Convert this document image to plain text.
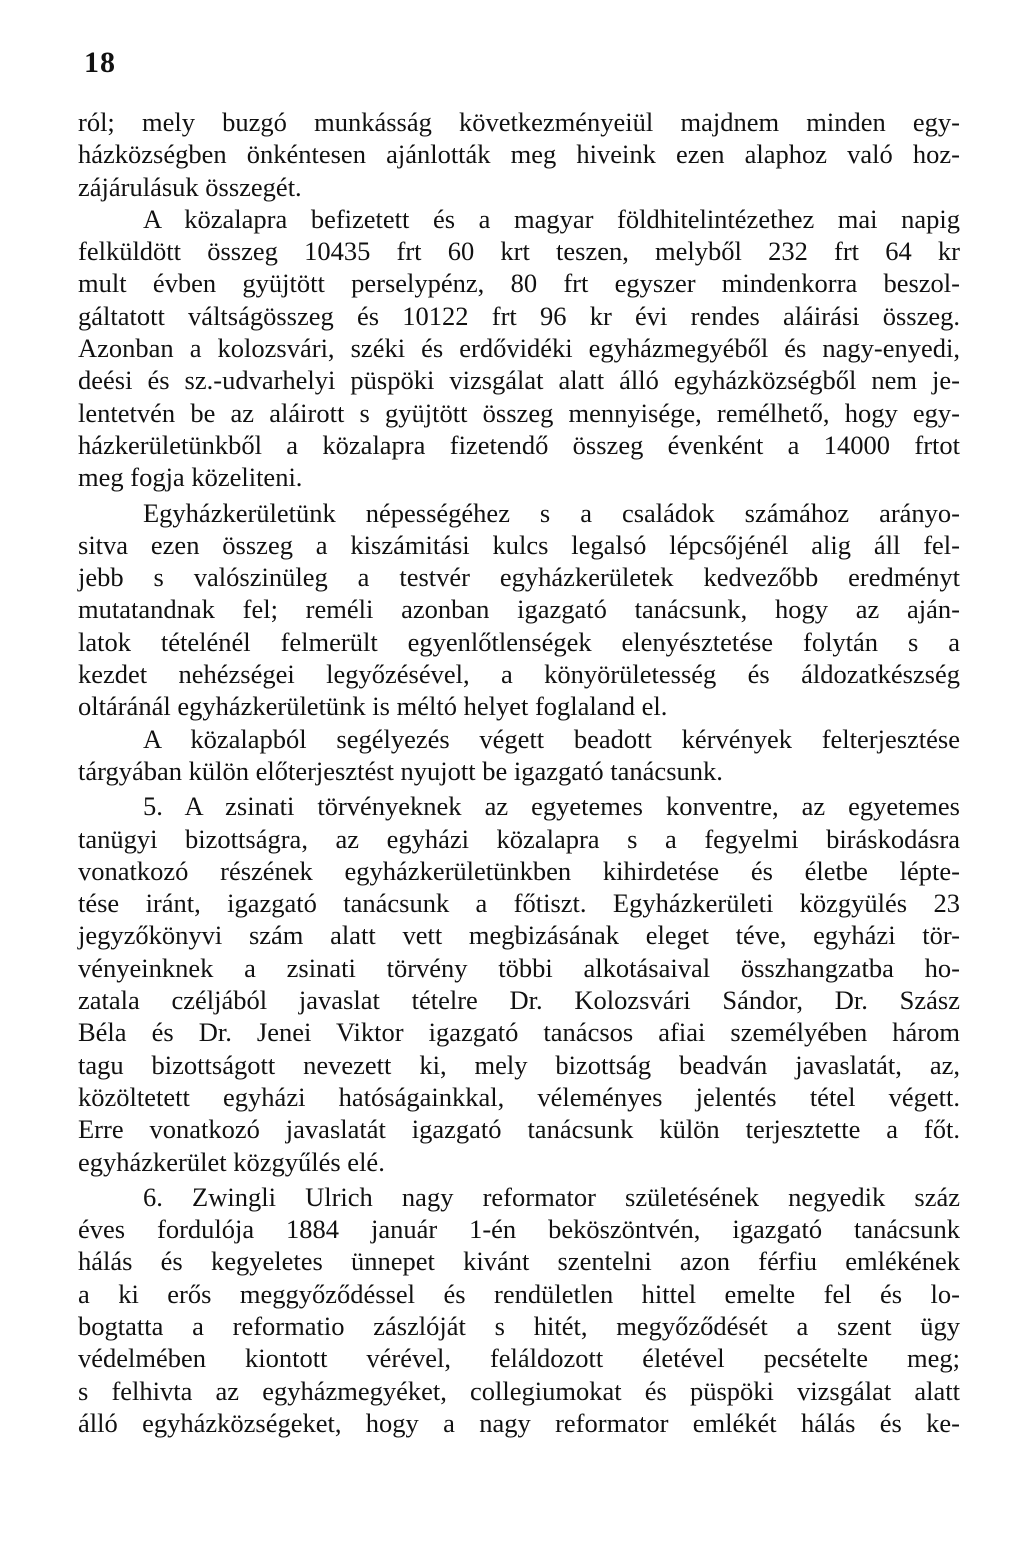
18
ról; mely buzgó munkásság következményeiül majdnem minden egy-
házközségben önkéntesen ajánlották meg hiveink ezen alaphoz való hoz-
zájárulásuk összegét.
A közalapra befizetett és a magyar földhitelintézethez mai napig
felküldött összeg 10435 frt 60 krt teszen, melyből 232 frt 64 kr
mult évben gyüjtött perselypénz, 80 frt egyszer mindenkorra beszol-
gáltatott váltságösszeg és 10122 frt 96 kr évi rendes aláirási összeg.
Azonban a kolozsvári, széki és erdővidéki egyházmegyéből és nagy-enyedi,
deési és sz.-udvarhelyi püspöki vizsgálat alatt álló egyházközségből nem je-
lentetvén be az aláirott s gyüjtött összeg mennyisége, remélhető, hogy egy-
házkerületünkből a közalapra fizetendő összeg évenként a 14000 frtot
meg fogja közeliteni.
Egyházkerületünk népességéhez s a családok számához arányo-
sitva ezen összeg a kiszámitási kulcs legalsó lépcsőjénél alig áll fel-
jebb s valószinüleg a testvér egyházkerületek kedvezőbb eredményt
mutatandnak fel; reméli azonban igazgató tanácsunk, hogy az aján-
latok tételénél felmerült egyenlőtlenségek elenyésztetése folytán s a
kezdet nehézségei legyőzésével, a könyörületesség és áldozatkészség
oltáránál egyházkerületünk is méltó helyet foglaland el.
A közalapból segélyezés végett beadott kérvények felterjesztése
tárgyában külön előterjesztést nyujott be igazgató tanácsunk.
5. A zsinati törvényeknek az egyetemes konventre, az egyetemes
tanügyi bizottságra, az egyházi közalapra s a fegyelmi biráskodásra
vonatkozó részének egyházkerületünkben kihirdetése és életbe lépte-
tése iránt, igazgató tanácsunk a főtiszt. Egyházkerületi közgyülés 23
jegyzőkönyvi szám alatt vett megbizásának eleget téve, egyházi tör-
vényeinknek a zsinati törvény többi alkotásaival összhangzatba ho-
zatala czéljából javaslat tételre Dr. Kolozsvári Sándor, Dr. Szász
Béla és Dr. Jenei Viktor igazgató tanácsos afiai személyében három
tagu bizottságott nevezett ki, mely bizottság beadván javaslatát, az,
közöltetett egyházi hatóságainkkal, véleményes jelentés tétel végett.
Erre vonatkozó javaslatát igazgató tanácsunk külön terjesztette a főt.
egyházkerület közgyűlés elé.
6. Zwingli Ulrich nagy reformator születésének negyedik száz
éves fordulója 1884 január 1-én beköszöntvén, igazgató tanácsunk
hálás és kegyeletes ünnepet kivánt szentelni azon férfiu emlékének
a ki erős meggyőződéssel és rendületlen hittel emelte fel és lo-
bogtatta a reformatio zászlóját s hitét, megyőződését a szent ügy
védelmében kiontott vérével, feláldozott életével pecsételte meg;
s felhivta az egyházmegyéket, collegiumokat és püspöki vizsgálat alatt
álló egyházközségeket, hogy a nagy reformator emlékét hálás és ke-
